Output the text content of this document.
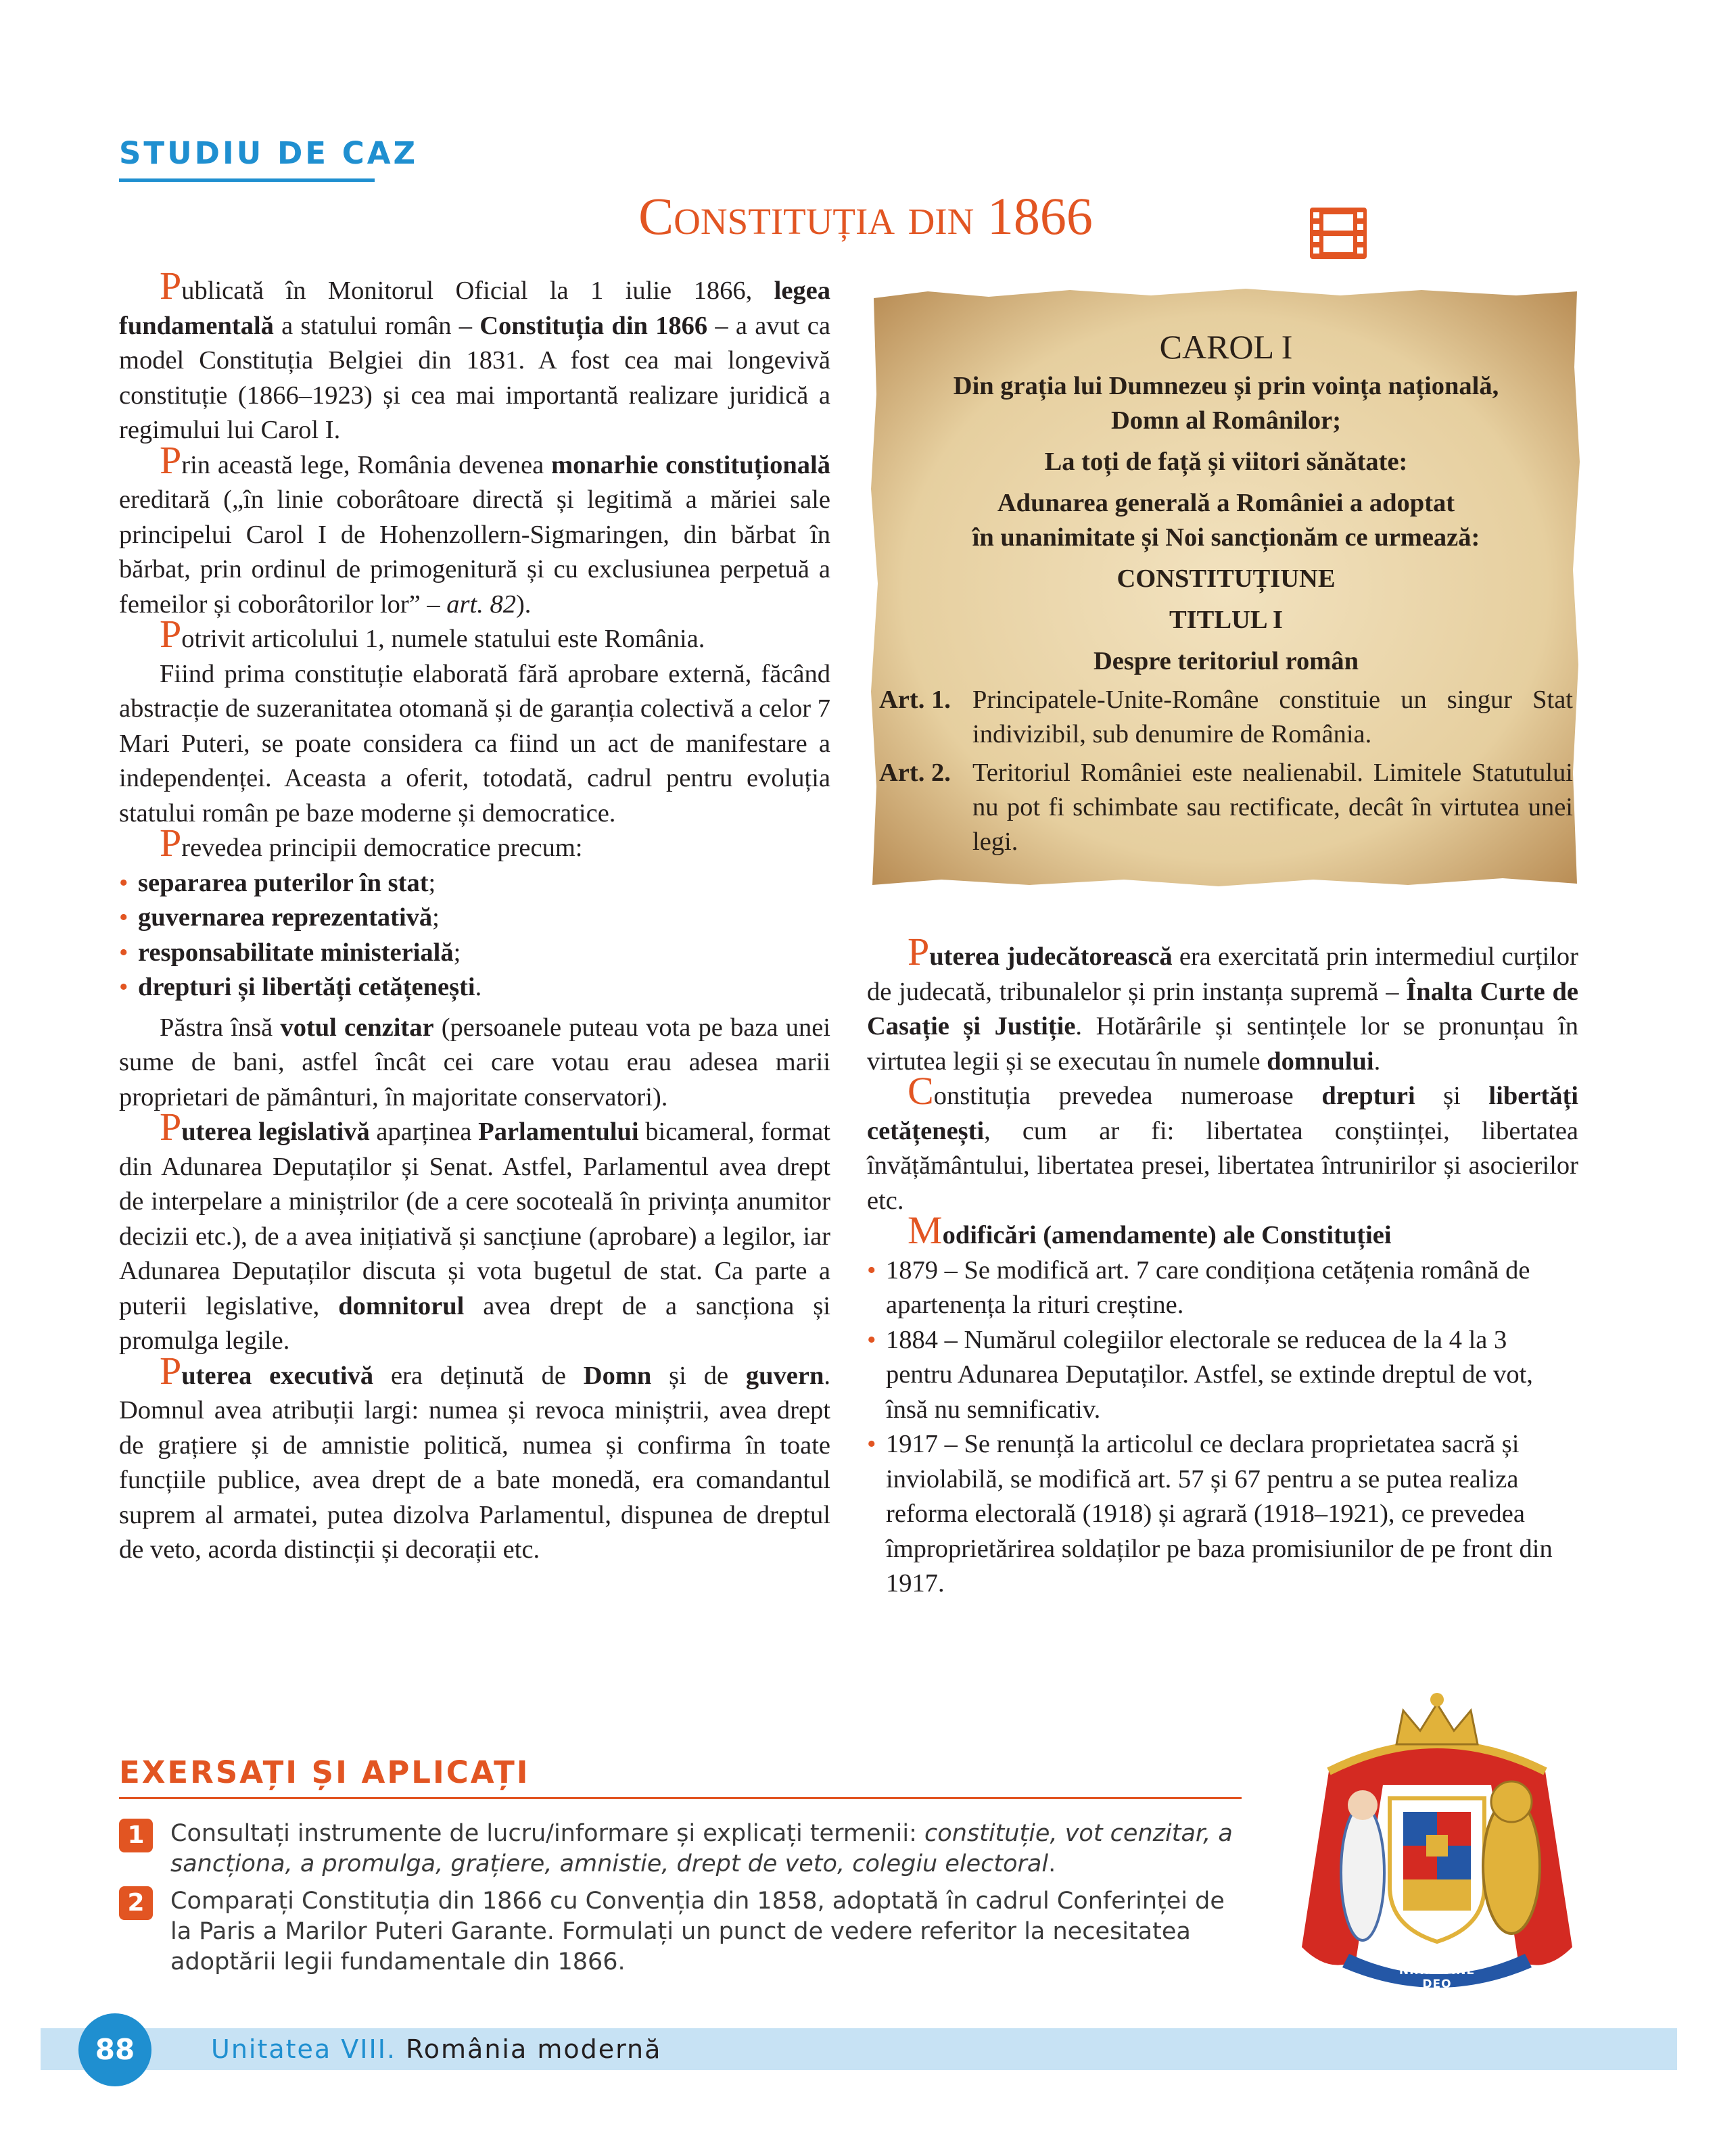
STUDIU DE CAZ
Constituția din 1866

Publicată în Monitorul Oficial la 1 iulie 1866, legea fundamentală a statului român – Constituția din 1866 – a avut ca model Constituția Belgiei din 1831. A fost cea mai longevivă constituție (1866–1923) și cea mai importantă realizare juridică a regimului lui Carol I.

Prin această lege, România devenea monarhie constituțională ereditară („în linie coborâtoare directă și legitimă a măriei sale principelui Carol I de Hohenzollern-Sigmaringen, din bărbat în bărbat, prin ordinul de primogenitură și cu exclusiunea perpetuă a femeilor și coborâtorilor lor” – art. 82).

Potrivit articolului 1, numele statului este România.

Fiind prima constituție elaborată fără aprobare externă, făcând abstracție de suzeranitatea otomană și de garanția colectivă a celor 7 Mari Puteri, se poate considera ca fiind un act de manifestare a independenței. Aceasta a oferit, totodată, cadrul pentru evoluția statului român pe baze moderne și democratice.

Prevedea principii democratice precum:

• separarea puterilor în stat;
• guvernarea reprezentativă;
• responsabilitate ministerială;
• drepturi și libertăți cetățenești.

Păstra însă votul cenzitar (persoanele puteau vota pe baza unei sume de bani, astfel încât cei care votau erau adesea marii proprietari de pământuri, în majoritate conservatori).

Puterea legislativă aparținea Parlamentului bicameral, format din Adunarea Deputaților și Senat. Astfel, Parlamentul avea drept de interpelare a miniștrilor (de a cere socoteală în privința anumitor decizii etc.), de a avea inițiativă și sancțiune (aprobare) a legilor, iar Adunarea Deputaților discuta și vota bugetul de stat. Ca parte a puterii legislative, domnitorul avea drept de a sancționa și promulga legile.

Puterea executivă era deținută de Domn și de guvern. Domnul avea atribuții largi: numea și revoca miniștrii, avea drept de grațiere și de amnistie politică, numea și confirma în toate funcțiile publice, avea drept de a bate monedă, era comandantul suprem al armatei, putea dizolva Parlamentul, dispunea de dreptul de veto, acorda distincții și decorații etc.

CAROL I
Din grația lui Dumnezeu și prin voința națională,
Domn al Românilor;
La toți de față și viitori sănătate:
Adunarea generală a României a adoptat
în unanimitate și Noi sancționăm ce urmează:
CONSTITUȚIUNE
TITLUL I
Despre teritoriul român
Art. 1. Principatele-Unite-Române constituie un singur Stat indivizibil, sub denumire de România.
Art. 2. Teritoriul României este nealienabil. Limitele Statutului nu pot fi schimbate sau rectificate, decât în virtutea unei legi.

Puterea judecătorească era exercitată prin intermediul curților de judecată, tribunalelor și prin instanța supremă – Înalta Curte de Casație și Justiție. Hotărârile și sentințele lor se pronunțau în virtutea legii și se executau în numele domnului.

Constituția prevedea numeroase drepturi și libertăți cetățenești, cum ar fi: libertatea conștiinței, libertatea învățământului, libertatea presei, libertatea întrunirilor și asocierilor etc.

Modificări (amendamente) ale Constituției

• 1879 – Se modifică art. 7 care condiționa cetățenia română de apartenența la rituri creștine.
• 1884 – Numărul colegiilor electorale se reducea de la 4 la 3 pentru Adunarea Deputaților. Astfel, se extinde dreptul de vot, însă nu semnificativ.
• 1917 – Se renunță la articolul ce declara proprietatea sacră și inviolabilă, se modifică art. 57 și 67 pentru a se putea realiza reforma electorală (1918) și agrară (1918–1921), ce prevedea împroprietărirea soldaților pe baza promisiunilor de pe front din 1917.
EXERSAȚI ȘI APLICAȚI
1	Consultați instrumente de lucru/informare și explicați termenii: constituție, vot cenzitar, a sancționa, a promulga, grațiere, amnistie, drept de veto, colegiu electoral.
2	Comparați Constituția din 1866 cu Convenția din 1858, adoptată în cadrul Conferinței de la Paris a Marilor Puteri Garante. Formulați un punct de vedere referitor la necesitatea adoptării legii fundamentale din 1866.	NIHIL SINE DEO
88	Unitatea VIII. România modernă
